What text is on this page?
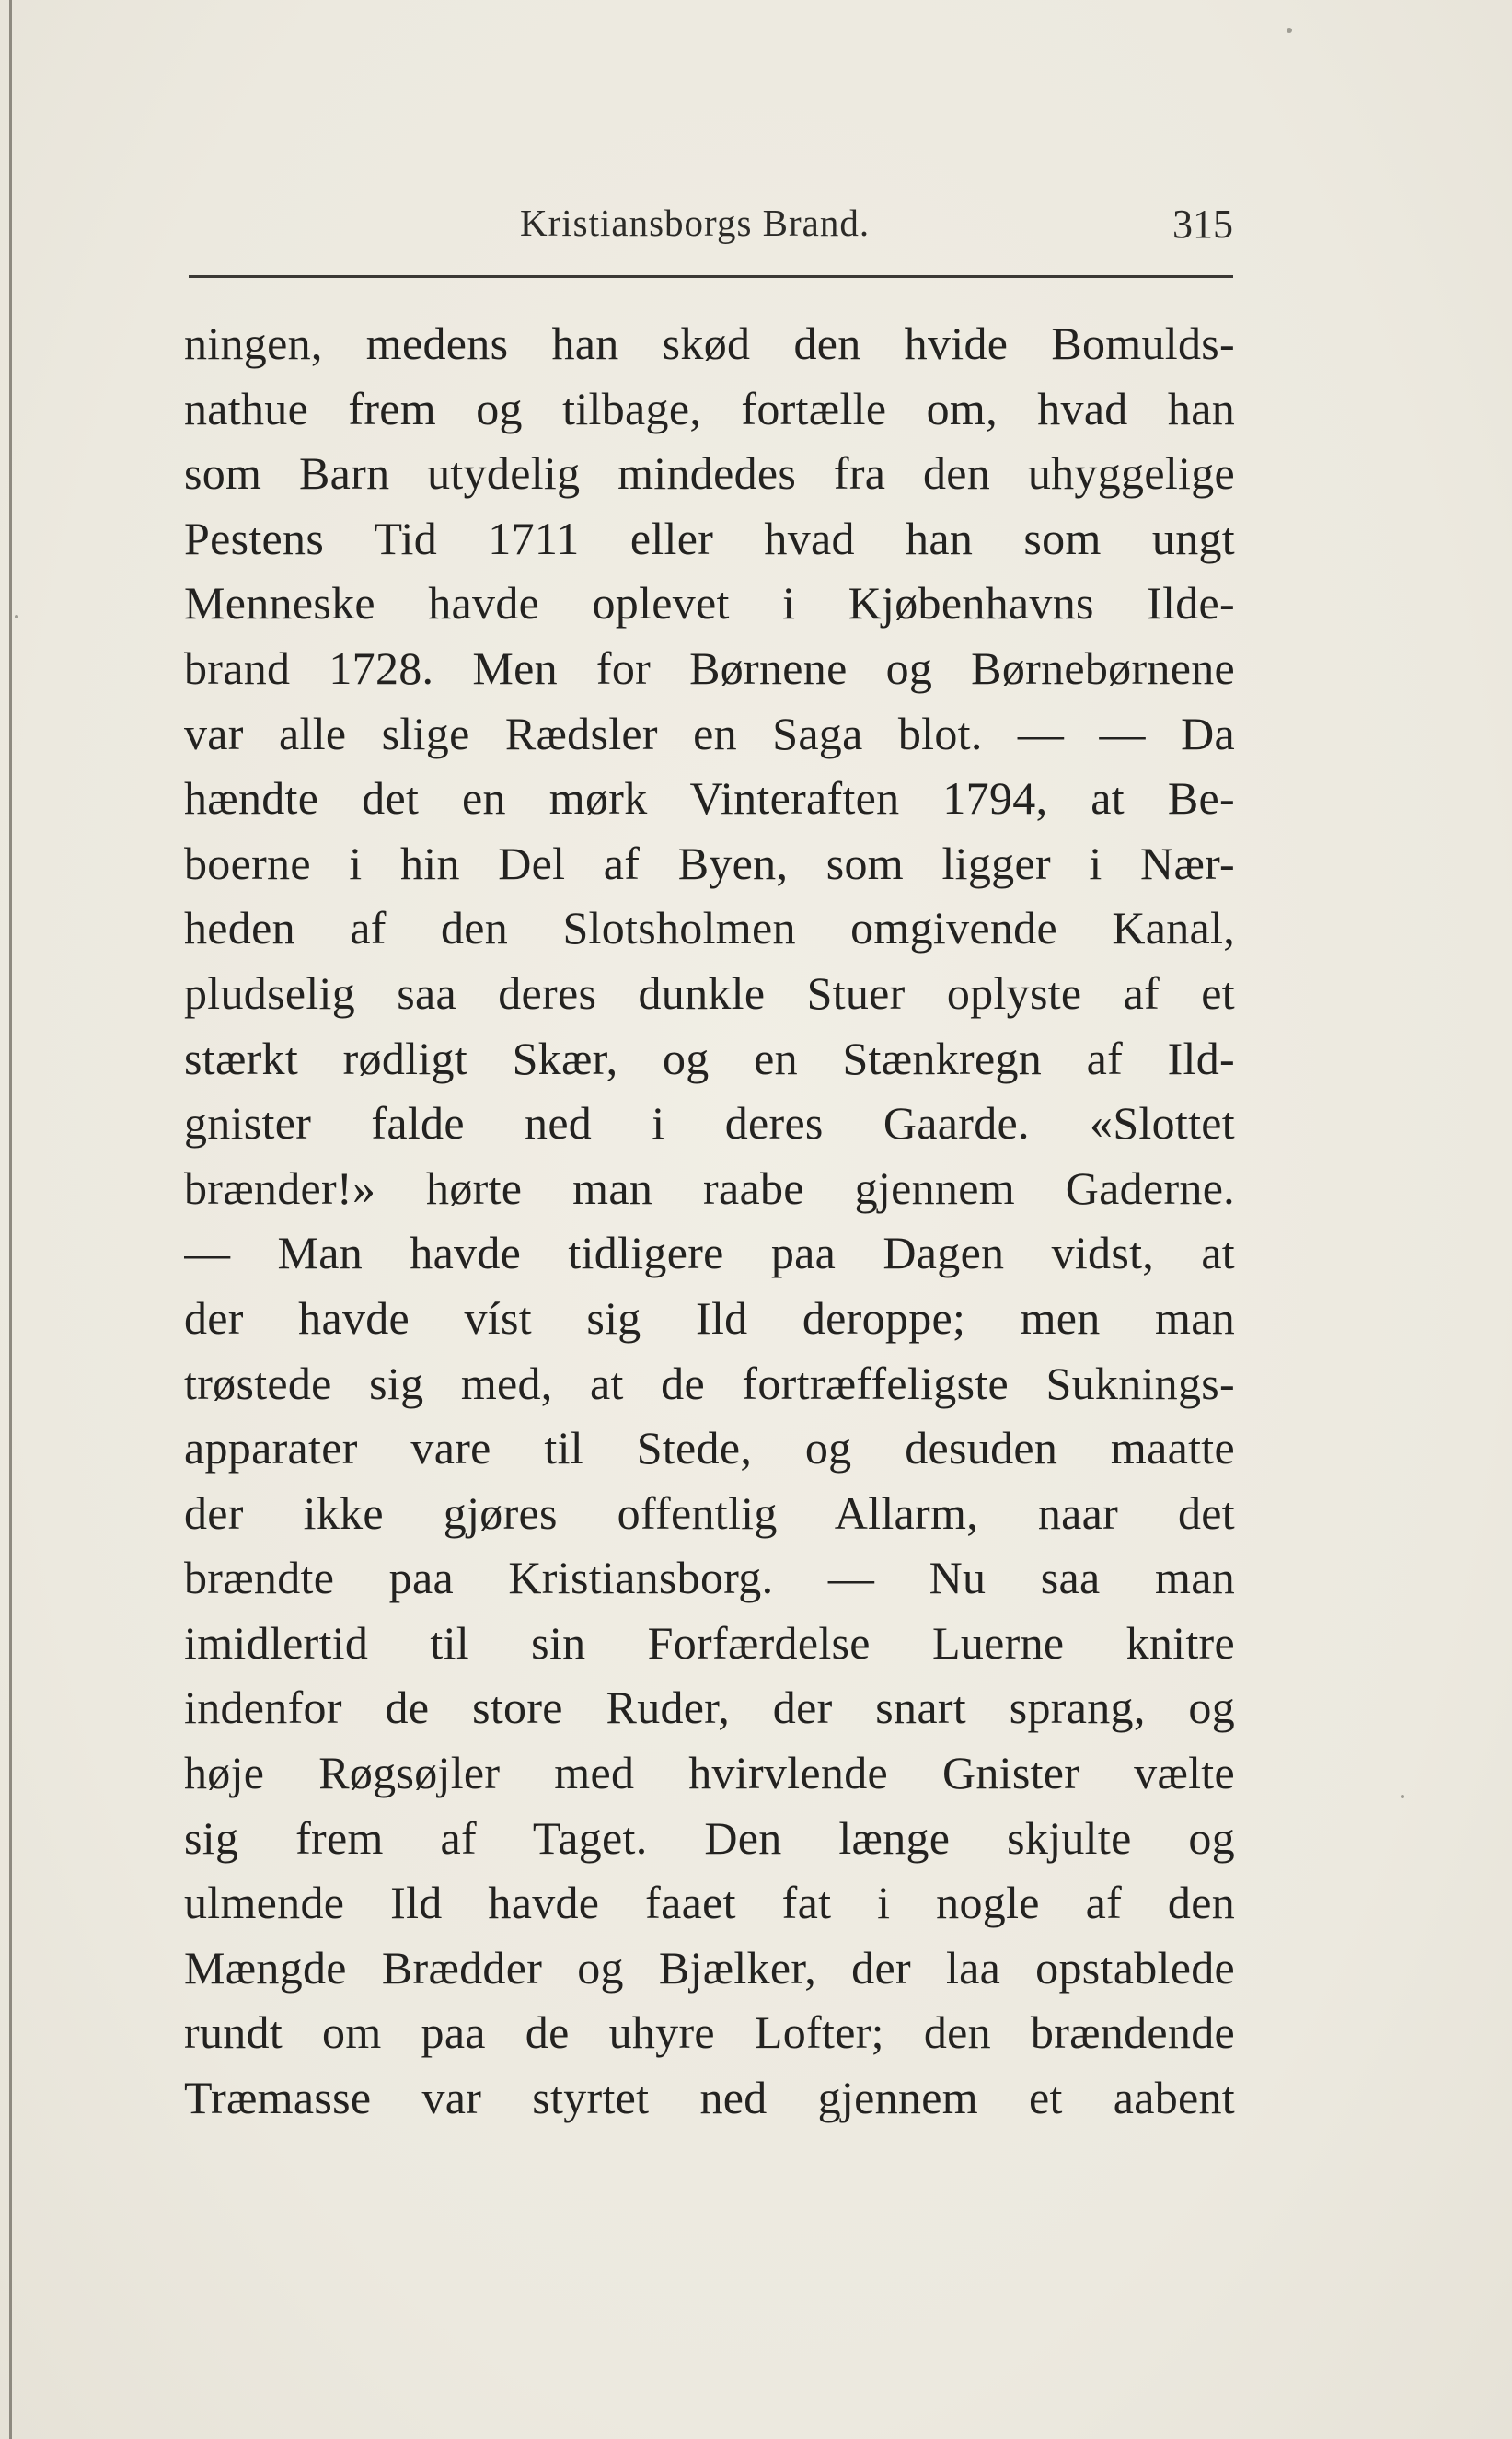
Kristiansborgs Brand.	315
ningen, medens han skød den hvide Bomulds-
nathue frem og tilbage, fortælle om, hvad han
som Barn utydelig mindedes fra den uhyggelige
Pestens Tid 1711 eller hvad han som ungt
Menneske havde oplevet i Kjøbenhavns Ilde-
brand 1728. Men for Børnene og Børnebørnene
var alle slige Rædsler en Saga blot. — — Da
hændte det en mørk Vinteraften 1794, at Be-
boerne i hin Del af Byen, som ligger i Nær-
heden af den Slotsholmen omgivende Kanal,
pludselig saa deres dunkle Stuer oplyste af et
stærkt rødligt Skær, og en Stænkregn af Ild-
gnister falde ned i deres Gaarde. «Slottet
brænder!» hørte man raabe gjennem Gaderne.
— Man havde tidligere paa Dagen vidst, at
der havde víst sig Ild deroppe; men man
trøstede sig med, at de fortræffeligste Suknings-
apparater vare til Stede, og desuden maatte
der ikke gjøres offentlig Allarm, naar det
brændte paa Kristiansborg. — Nu saa man
imidlertid til sin Forfærdelse Luerne knitre
indenfor de store Ruder, der snart sprang, og
høje Røgsøjler med hvirvlende Gnister vælte
sig frem af Taget. Den længe skjulte og
ulmende Ild havde faaet fat i nogle af den
Mængde Brædder og Bjælker, der laa opstablede
rundt om paa de uhyre Lofter; den brændende
Træmasse var styrtet ned gjennem et aabent
